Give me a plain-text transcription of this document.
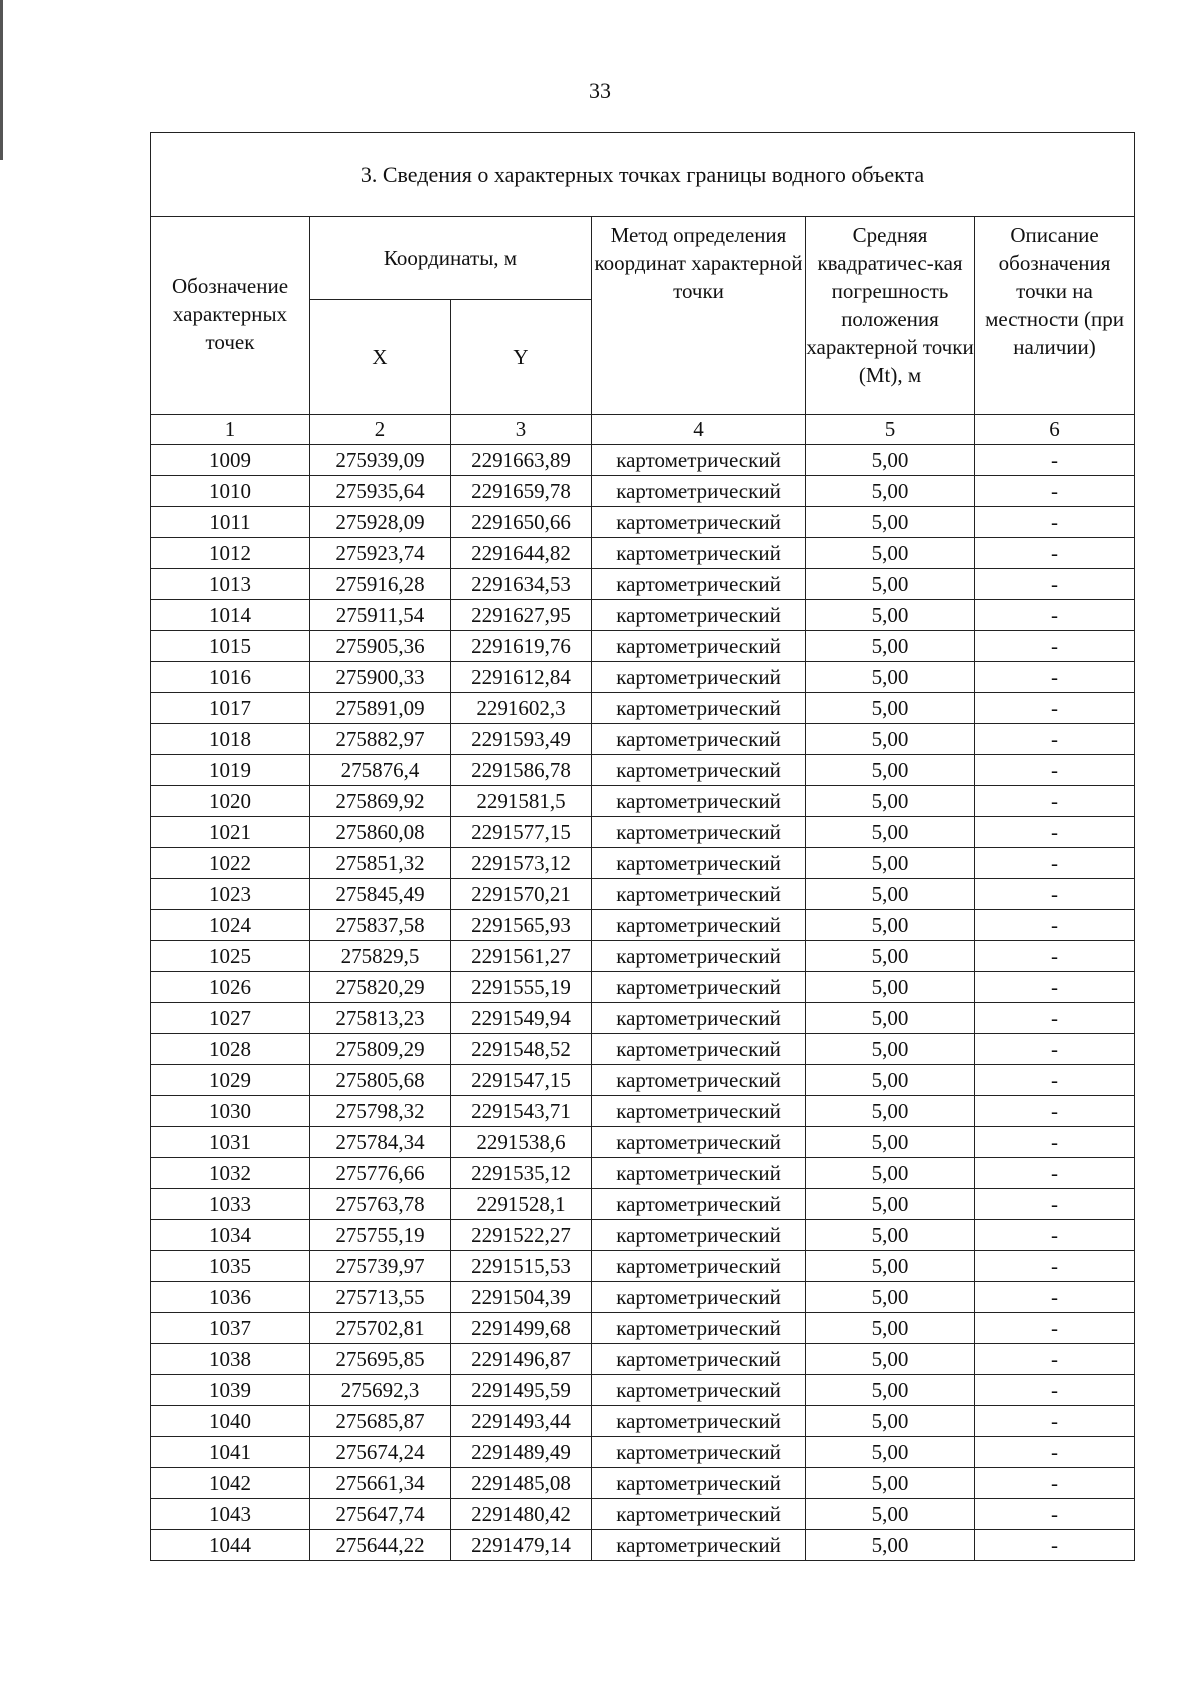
33
3. Сведения о характерных точках границы водного объекта					
Обозначение характерных точек	Координаты, м		Метод определения координат характерной точки	Средняя квадратичес-кая погрешность положения характерной точки (Mt), м	Описание обозначения точки на местности (при наличии)
	X	Y			
1	2	3	4	5	6
1009	275939,09	2291663,89	картометрический	5,00	-
1010	275935,64	2291659,78	картометрический	5,00	-
1011	275928,09	2291650,66	картометрический	5,00	-
1012	275923,74	2291644,82	картометрический	5,00	-
1013	275916,28	2291634,53	картометрический	5,00	-
1014	275911,54	2291627,95	картометрический	5,00	-
1015	275905,36	2291619,76	картометрический	5,00	-
1016	275900,33	2291612,84	картометрический	5,00	-
1017	275891,09	2291602,3	картометрический	5,00	-
1018	275882,97	2291593,49	картометрический	5,00	-
1019	275876,4	2291586,78	картометрический	5,00	-
1020	275869,92	2291581,5	картометрический	5,00	-
1021	275860,08	2291577,15	картометрический	5,00	-
1022	275851,32	2291573,12	картометрический	5,00	-
1023	275845,49	2291570,21	картометрический	5,00	-
1024	275837,58	2291565,93	картометрический	5,00	-
1025	275829,5	2291561,27	картометрический	5,00	-
1026	275820,29	2291555,19	картометрический	5,00	-
1027	275813,23	2291549,94	картометрический	5,00	-
1028	275809,29	2291548,52	картометрический	5,00	-
1029	275805,68	2291547,15	картометрический	5,00	-
1030	275798,32	2291543,71	картометрический	5,00	-
1031	275784,34	2291538,6	картометрический	5,00	-
1032	275776,66	2291535,12	картометрический	5,00	-
1033	275763,78	2291528,1	картометрический	5,00	-
1034	275755,19	2291522,27	картометрический	5,00	-
1035	275739,97	2291515,53	картометрический	5,00	-
1036	275713,55	2291504,39	картометрический	5,00	-
1037	275702,81	2291499,68	картометрический	5,00	-
1038	275695,85	2291496,87	картометрический	5,00	-
1039	275692,3	2291495,59	картометрический	5,00	-
1040	275685,87	2291493,44	картометрический	5,00	-
1041	275674,24	2291489,49	картометрический	5,00	-
1042	275661,34	2291485,08	картометрический	5,00	-
1043	275647,74	2291480,42	картометрический	5,00	-
1044	275644,22	2291479,14	картометрический	5,00	-
